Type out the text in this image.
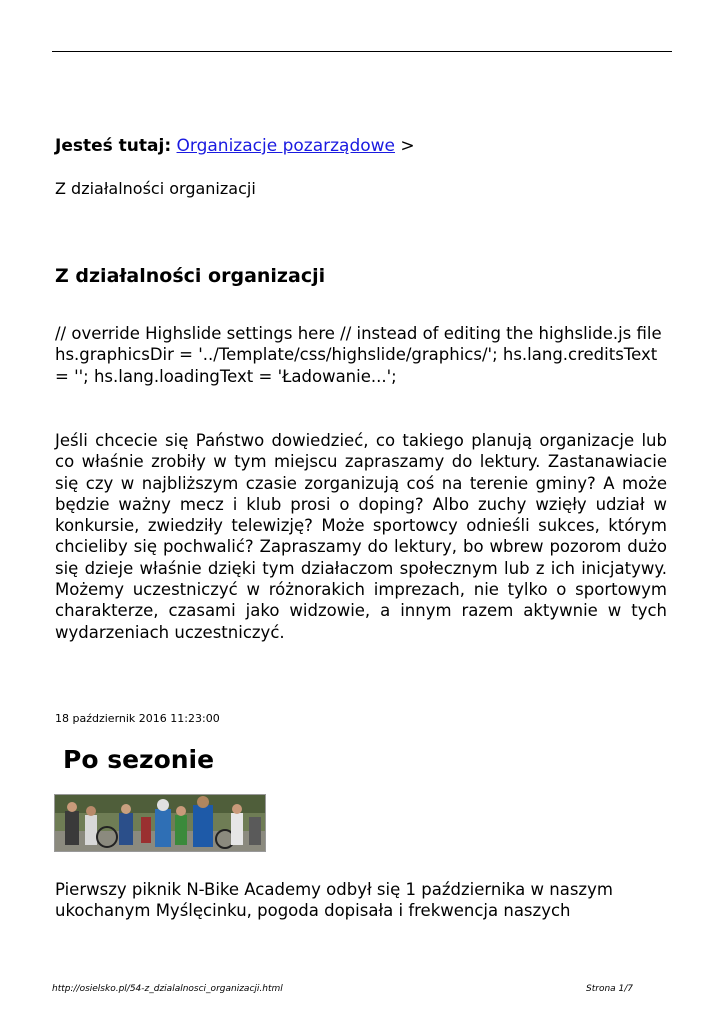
Jesteś tutaj: Organizacje pozarządowe >
Z działalności organizacji
Z działalności organizacji
// override Highslide settings here // instead of editing the highslide.js file hs.graphicsDir = '../Template/css/highslide/graphics/'; hs.lang.creditsText = ''; hs.lang.loadingText = 'Ładowanie...';
Jeśli chcecie się Państwo dowiedzieć, co takiego planują organizacje lub co właśnie zrobiły w tym miejscu zapraszamy do lektury. Zastanawiacie się czy w najbliższym czasie zorganizują coś na terenie gminy? A może będzie ważny mecz i klub prosi o doping? Albo zuchy wzięły udział w konkursie, zwiedziły telewizję? Może sportowcy odnieśli sukces, którym chcieliby się pochwalić? Zapraszamy do lektury, bo wbrew pozorom dużo się dzieje właśnie dzięki tym działaczom społecznym lub z ich inicjatywy. Możemy uczestniczyć w różnorakich imprezach, nie tylko o sportowym charakterze, czasami jako widzowie, a innym razem aktywnie w tych wydarzeniach uczestniczyć.
18 październik 2016 11:23:00
Po sezonie
Pierwszy piknik N-Bike Academy odbył się 1 października w naszym ukochanym Myślęcinku, pogoda dopisała i frekwencja naszych
http://osielsko.pl/54-z_dzialalnosci_organizacji.html	Strona 1/7
